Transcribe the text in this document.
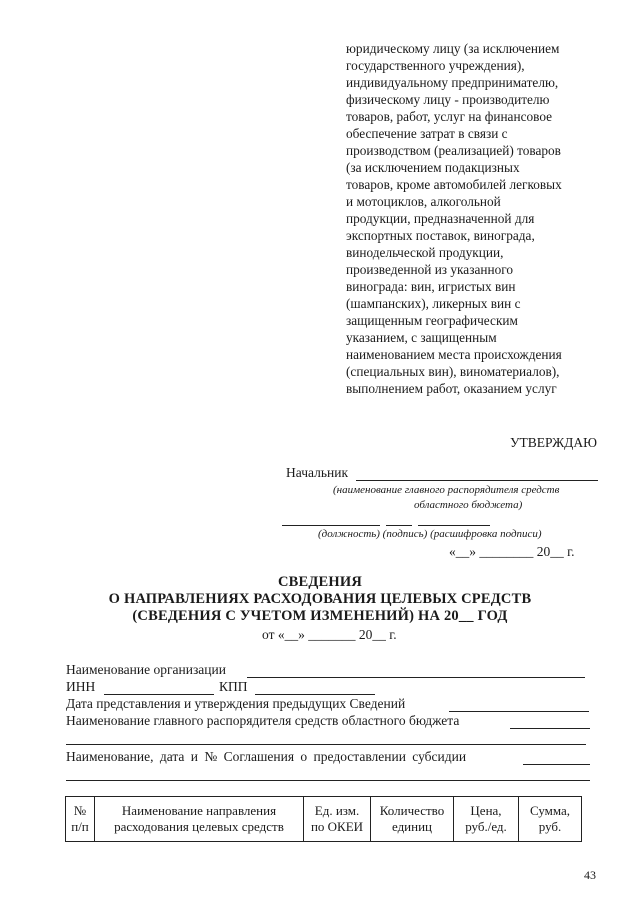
юридическому лицу (за исключением
государственного учреждения),
индивидуальному предпринимателю,
физическому лицу - производителю
товаров, работ, услуг на финансовое
обеспечение затрат в связи с
производством (реализацией) товаров
(за исключением подакцизных
товаров, кроме автомобилей легковых
и мотоциклов, алкогольной
продукции, предназначенной для
экспортных поставок, винограда,
винодельческой продукции,
произведенной из указанного
винограда: вин, игристых вин
(шампанских), ликерных вин с
защищенным географическим
указанием, с защищенным
наименованием места происхождения
(специальных вин), виноматериалов),
выполнением работ, оказанием услуг
УТВЕРЖДАЮ
Начальник
(наименование главного распорядителя средств
областного бюджета)
(должность) (подпись) (расшифровка подписи)
«__» ________ 20__ г.
СВЕДЕНИЯ
О НАПРАВЛЕНИЯХ РАСХОДОВАНИЯ ЦЕЛЕВЫХ СРЕДСТВ
(СВЕДЕНИЯ С УЧЕТОМ ИЗМЕНЕНИЙ) НА 20__ ГОД
от «__» _______ 20__ г.
Наименование организации
ИНН	КПП
Дата представления и утверждения предыдущих Сведений
Наименование главного распорядителя средств областного бюджета
Наименование, дата и № Соглашения о предоставлении субсидии
№
п/п

Наименование направления
расходования целевых средств

Ед. изм.
по ОКЕИ

Количество
единиц

Цена,
руб./ед.

Сумма,
руб.
43
